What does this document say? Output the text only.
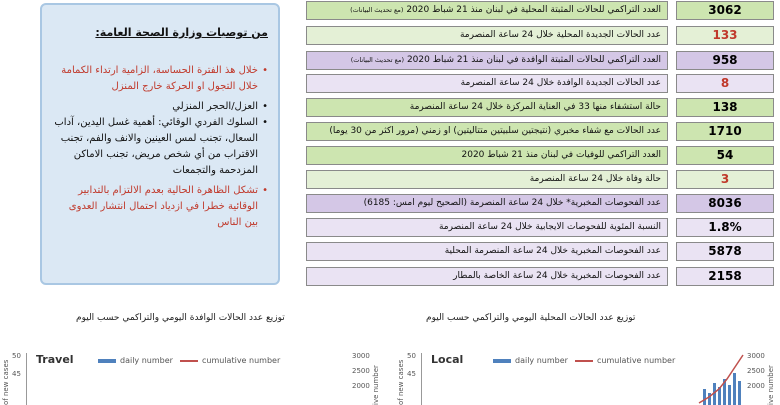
من توصيات وزارة الصحة العامة:
• خلال هذ الفترة الحساسة، الزامية ارتداء الكمامة خلال التجول او الحركة خارج المنزل
• العزل/الحجر المنزلي
• السلوك الفردي الوقائي: أهمية غسل اليدين، آداب السعال، تجنب لمس العينين والانف والفم، تجنب الاقتراب من أي شخص مريض، تجنب الاماكن المزدحمة والتجمعات
• تشكل الظاهرة الحالية بعدم الالتزام بالتدابير الوقائية خطرا في ازدياد احتمال انتشار العدوى بين الناس
العدد التراكمي للحالات المثبتة المحلية في لبنان منذ 21 شباط 2020 (مع تحديث البيانات)	3062
عدد الحالات الجديدة المحلية خلال 24 ساعة المنصرمة	133
العدد التراكمي للحالات المثبتة الوافدة في لبنان منذ 21 شباط 2020 (مع تحديث البيانات)	958
عدد الحالات الجديدة الوافدة خلال 24 ساعة المنصرمة	8
حالة استشفاء منها 33 في العناية المركزة خلال 24 ساعة المنصرمة	138
عدد الحالات مع شفاء مخبري (نتيجتين سلبيتين متتاليتين) او زمني (مرور اكثر من 30 يوما)	1710
العدد التراكمي للوفيات في لبنان منذ 21 شباط 2020	54
حالة وفاة خلال 24 ساعة المنصرمة	3
عدد الفحوصات المخبرية* خلال 24 ساعة المنصرمة (الصحيح ليوم امس: 6185)	8036
النسبة المئوية للفحوصات الايجابية خلال 24 ساعة المنصرمة	1.8%
عدد الفحوصات المخبرية خلال 24 ساعة المنصرمة المحلية	5878
عدد الفحوصات المخبرية خلال 24 ساعة الخاصة بالمطار	2158
توزيع عدد الحالات الوافدة اليومي والتراكمي حسب اليوم	توزيع عدد الحالات المحلية اليومي والتراكمي حسب اليوم
of new cases
50
45
Travel	daily number	cumulative number	3000
2500
2000 ive number of new cases
50
45
Local	daily number	cumulative number	3000
2500
2000 ive number
